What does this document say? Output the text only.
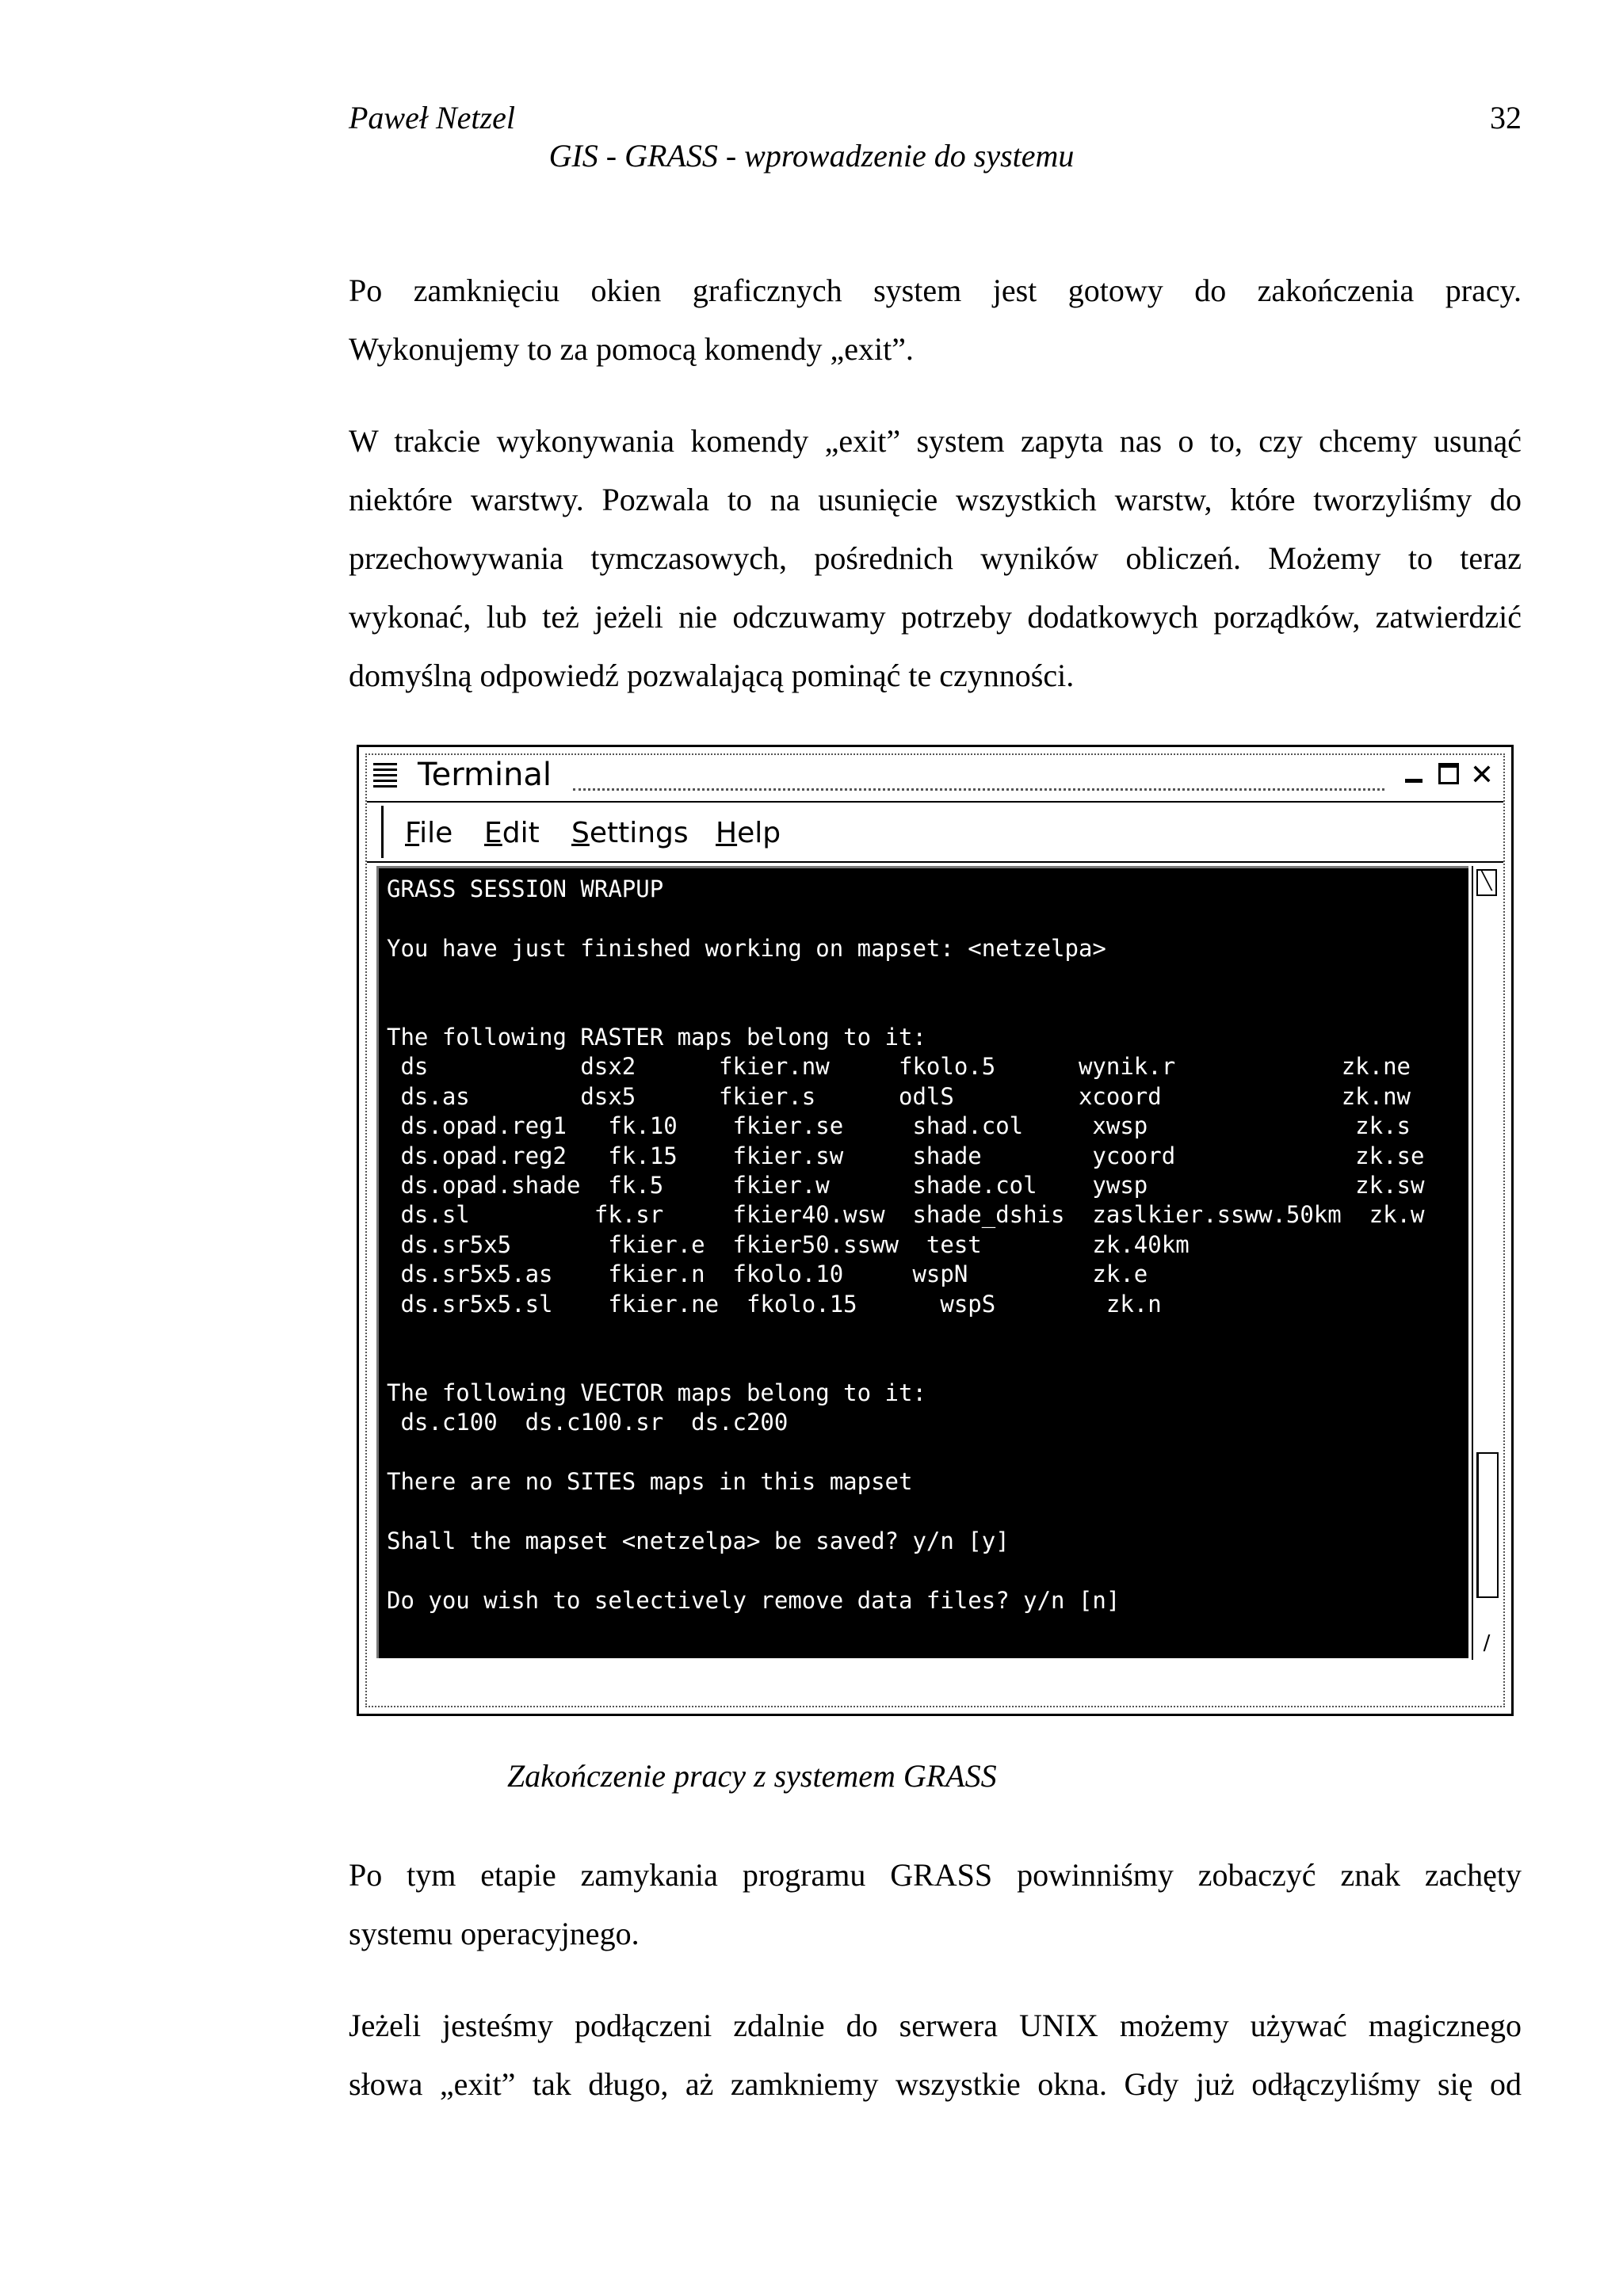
Paweł Netzel	32
GIS - GRASS - wprowadzenie do systemu
Po zamknięciu okien graficznych system jest gotowy do zakończenia pracy.
Wykonujemy to za pomocą komendy „exit”.
W trakcie wykonywania komendy „exit” system zapyta nas o to, czy chcemy usunąć
niektóre warstwy. Pozwala to na usunięcie wszystkich warstw, które tworzyliśmy do
przechowywania tymczasowych, pośrednich wyników obliczeń. Możemy to teraz
wykonać, lub też jeżeli nie odczuwamy potrzeby dodatkowych porządków, zatwierdzić
domyślną odpowiedź pozwalającą pominąć te czynności.
Terminal	✕
File Edit Settings Help
GRASS SESSION WRAPUP
You have just finished working on mapset: <netzelpa>
The following RASTER maps belong to it:
ds           dsx2      fkier.nw     fkolo.5      wynik.r            zk.ne
ds.as        dsx5      fkier.s      odlS         xcoord             zk.nw
ds.opad.reg1   fk.10    fkier.se     shad.col     xwsp               zk.s
ds.opad.reg2   fk.15    fkier.sw     shade        ycoord             zk.se
ds.opad.shade  fk.5     fkier.w      shade.col    ywsp               zk.sw
ds.sl         fk.sr     fkier40.wsw  shade_dshis  zaslkier.ssww.50km  zk.w
ds.sr5x5       fkier.e  fkier50.ssww  test        zk.40km
ds.sr5x5.as    fkier.n  fkolo.10     wspN         zk.e
ds.sr5x5.sl    fkier.ne  fkolo.15      wspS        zk.n
The following VECTOR maps belong to it:
ds.c100  ds.c100.sr  ds.c200
There are no SITES maps in this mapset
Shall the mapset <netzelpa> be saved? y/n [y]
Do you wish to selectively remove data files? y/n [n]
╲
/
Zakończenie pracy z systemem GRASS
Po tym etapie zamykania programu GRASS powinniśmy zobaczyć znak zachęty
systemu operacyjnego.
Jeżeli jesteśmy podłączeni zdalnie do serwera UNIX możemy używać magicznego
słowa „exit” tak długo, aż zamkniemy wszystkie okna. Gdy już odłączyliśmy się od
